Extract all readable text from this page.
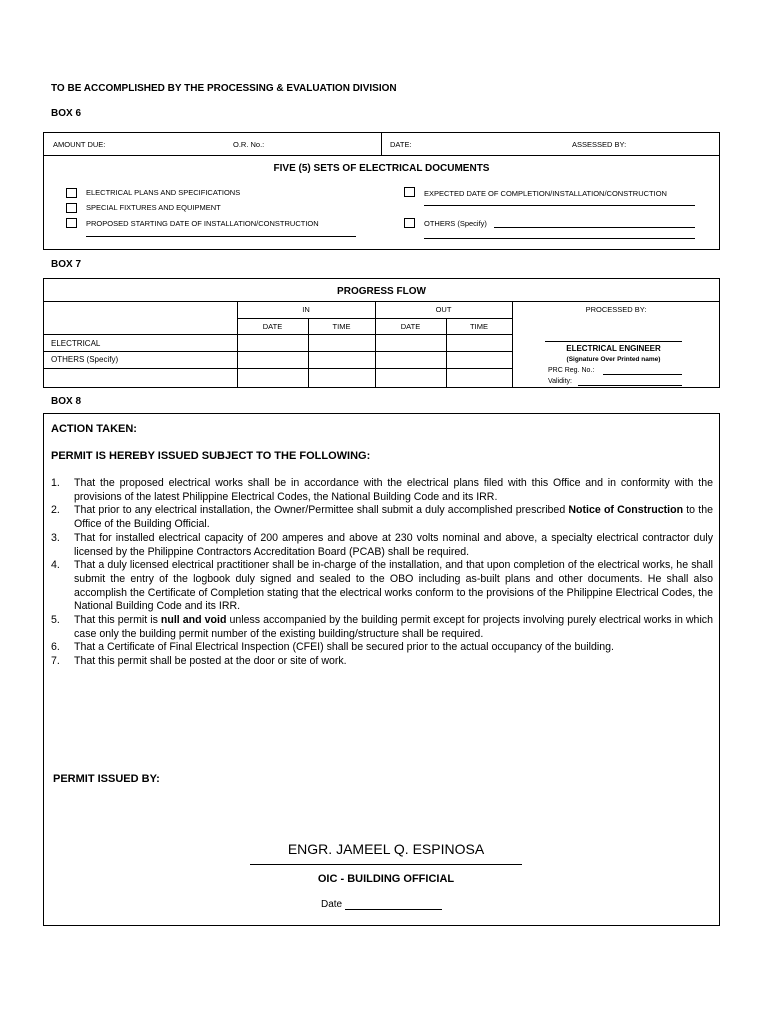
TO BE ACCOMPLISHED BY THE PROCESSING & EVALUATION DIVISION
BOX 6
AMOUNT DUE:	O.R. No.:	DATE:	ASSESSED BY:
FIVE (5) SETS OF ELECTRICAL DOCUMENTS
ELECTRICAL PLANS AND SPECIFICATIONS
SPECIAL FIXTURES AND EQUIPMENT
PROPOSED STARTING DATE OF INSTALLATION/CONSTRUCTION
EXPECTED DATE OF COMPLETION/INSTALLATION/CONSTRUCTION
OTHERS (Specify)
BOX 7
PROGRESS FLOW
IN	OUT	PROCESSED BY:
DATE	TIME	DATE	TIME
ELECTRICAL
OTHERS (Specify)
ELECTRICAL ENGINEER
(Signature Over Printed name)
PRC Reg. No.:
Validity:
BOX 8
ACTION TAKEN:
PERMIT IS HEREBY ISSUED SUBJECT TO THE FOLLOWING:
1. That the proposed electrical works shall be in accordance with the electrical plans filed with this Office and in conformity with the provisions of the latest Philippine Electrical Codes, the National Building Code and its IRR.
2. That prior to any electrical installation, the Owner/Permittee shall submit a duly accomplished prescribed Notice of Construction to the Office of the Building Official.
3. That for installed electrical capacity of 200 amperes and above at 230 volts nominal and above, a specialty electrical contractor duly licensed by the Philippine Contractors Accreditation Board (PCAB) shall be required.
4. That a duly licensed electrical practitioner shall be in-charge of the installation, and that upon completion of the electrical works, he shall submit the entry of the logbook duly signed and sealed to the OBO including as-built plans and other documents. He shall also accomplish the Certificate of Completion stating that the electrical works conform to the provisions of the Philippine Electrical Codes, the National Building Code and its IRR.
5. That this permit is null and void unless accompanied by the building permit except for projects involving purely electrical works in which case only the building permit number of the existing building/structure shall be required.
6. That a Certificate of Final Electrical Inspection (CFEI) shall be secured prior to the actual occupancy of the building.
7. That this permit shall be posted at the door or site of work.
PERMIT ISSUED BY:
ENGR. JAMEEL Q. ESPINOSA
OIC - BUILDING OFFICIAL
Date
